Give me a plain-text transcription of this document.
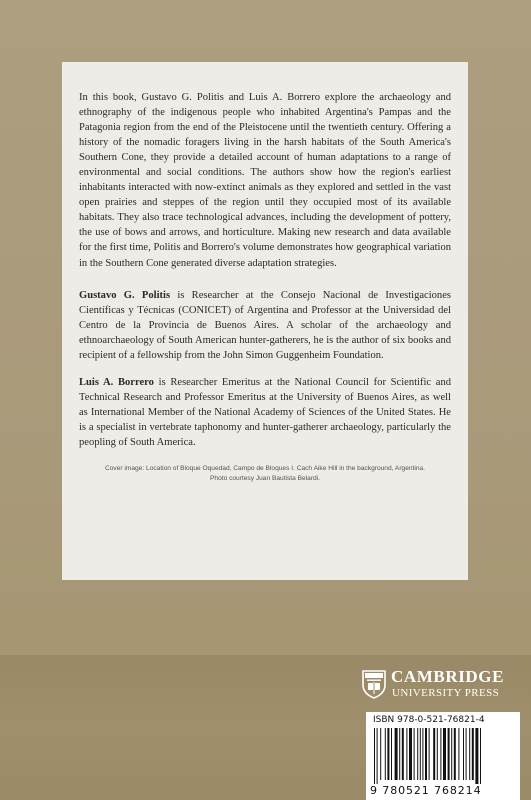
In this book, Gustavo G. Politis and Luis A. Borrero explore the archaeology and ethnography of the indigenous people who inhabited Argentina's Pampas and the Patagonia region from the end of the Pleistocene until the twentieth century. Offering a history of the nomadic foragers living in the harsh habitats of the South America's Southern Cone, they provide a detailed account of human adaptations to a range of environmental and social conditions. The authors show how the region's earliest inhabitants interacted with now-extinct animals as they explored and settled in the vast open prairies and steppes of the region until they occupied most of its available habitats. They also trace technological advances, including the development of pottery, the use of bows and arrows, and horticulture. Making new research and data available for the first time, Politis and Borrero's volume demonstrates how geographical variation in the Southern Cone generated diverse adaptation strategies.

Gustavo G. Politis is Researcher at the Consejo Nacional de Investigaciones Científicas y Técnicas (CONICET) of Argentina and Professor at the Universidad del Centro de la Provincia de Buenos Aires. A scholar of the archaeology and ethnoarchaeology of South American hunter-gatherers, he is the author of six books and recipient of a fellowship from the John Simon Guggenheim Foundation.

Luis A. Borrero is Researcher Emeritus at the National Council for Scientific and Technical Research and Professor Emeritus at the University of Buenos Aires, as well as International Member of the National Academy of Sciences of the United States. He is a specialist in vertebrate taphonomy and hunter-gatherer archaeology, particularly the peopling of South America.

Cover image: Location of Bloque Oquedad, Campo de Bloques I. Cach Aike Hill in the background, Argentina.
Photo courtesy Juan Bautista Belardi.
CAMBRIDGE
UNIVERSITY PRESS
ISBN 978-0-521-76821-4
9 780521 768214
